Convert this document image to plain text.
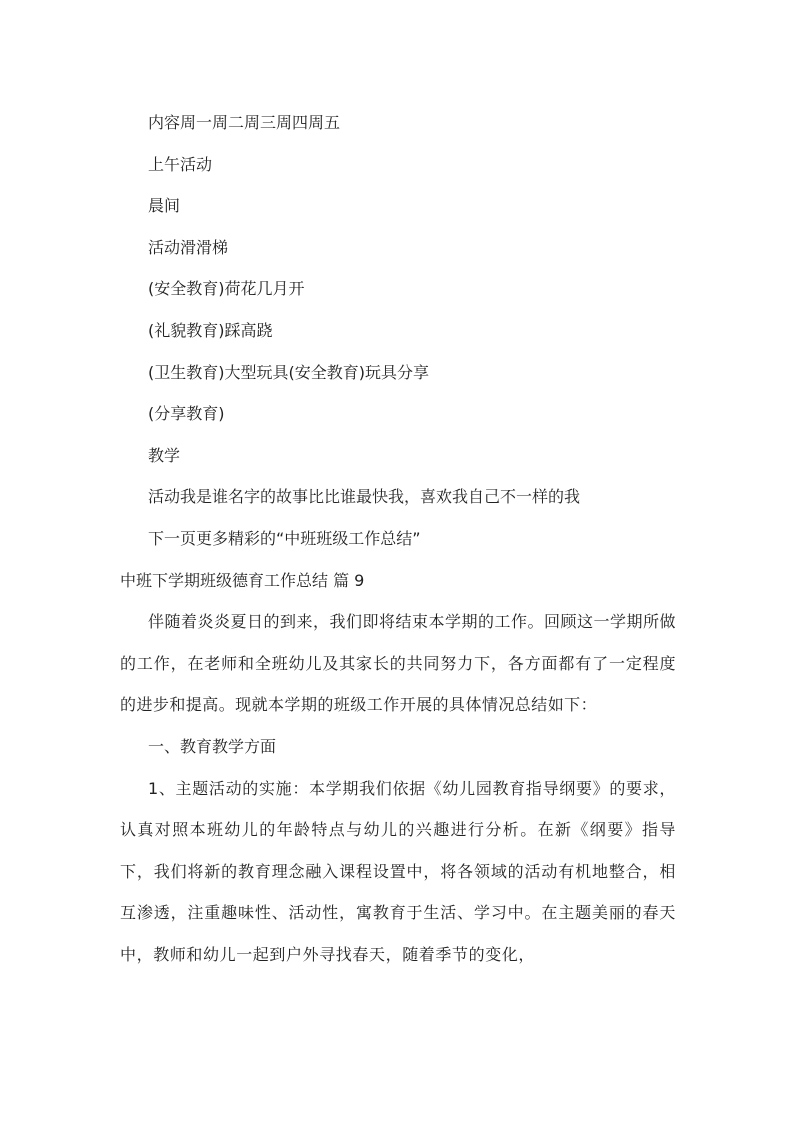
内容周一周二周三周四周五

上午活动

晨间

活动滑滑梯

(安全教育)荷花几月开

(礼貌教育)踩高跷

(卫生教育)大型玩具(安全教育)玩具分享

(分享教育)

教学

活动我是谁名字的故事比比谁最快我，喜欢我自己不一样的我

下一页更多精彩的“中班班级工作总结”

中班下学期班级德育工作总结 篇 9

伴随着炎炎夏日的到来，我们即将结束本学期的工作。回顾这一学期所做的工作，在老师和全班幼儿及其家长的共同努力下，各方面都有了一定程度的进步和提高。现就本学期的班级工作开展的具体情况总结如下：

一、教育教学方面

1、主题活动的实施：本学期我们依据《幼儿园教育指导纲要》的要求，认真对照本班幼儿的年龄特点与幼儿的兴趣进行分析。在新《纲要》指导下，我们将新的教育理念融入课程设置中，将各领域的活动有机地整合，相互渗透，注重趣味性、活动性，寓教育于生活、学习中。在主题美丽的春天中，教师和幼儿一起到户外寻找春天，随着季节的变化，
